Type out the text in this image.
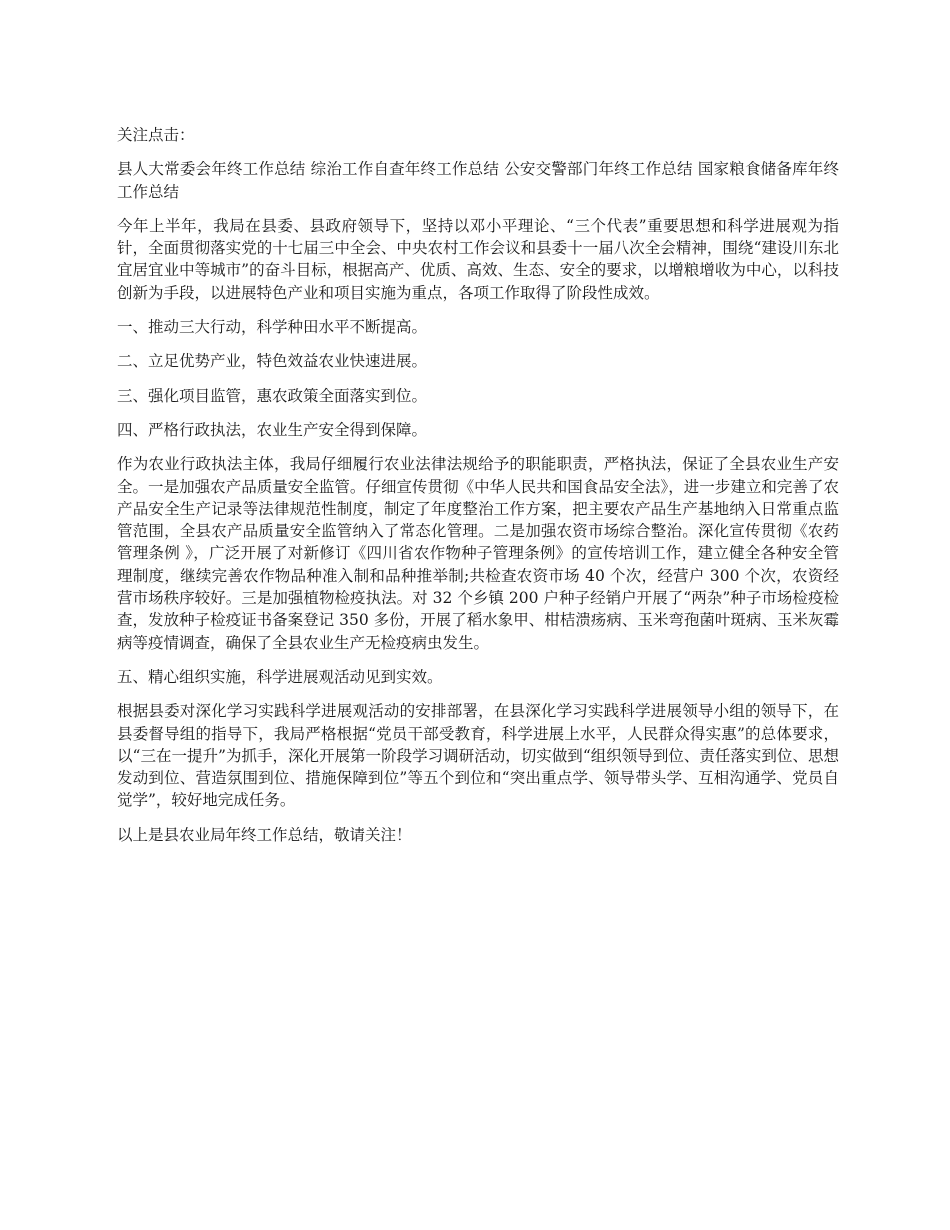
关注点击：

县人大常委会年终工作总结 综治工作自查年终工作总结 公安交警部门年终工作总结 国家粮食储备库年终工作总结

今年上半年，我局在县委、县政府领导下，坚持以邓小平理论、“三个代表”重要思想和科学进展观为指针，全面贯彻落实党的十七届三中全会、中央农村工作会议和县委十一届八次全会精神，围绕“建设川东北宜居宜业中等城市”的奋斗目标，根据高产、优质、高效、生态、安全的要求，以增粮增收为中心，以科技创新为手段，以进展特色产业和项目实施为重点，各项工作取得了阶段性成效。

一、推动三大行动，科学种田水平不断提高。

二、立足优势产业，特色效益农业快速进展。

三、强化项目监管，惠农政策全面落实到位。

四、严格行政执法，农业生产安全得到保障。

作为农业行政执法主体，我局仔细履行农业法律法规给予的职能职责，严格执法，保证了全县农业生产安全。一是加强农产品质量安全监管。仔细宣传贯彻《中华人民共和国食品安全法》，进一步建立和完善了农产品安全生产记录等法律规范性制度，制定了年度整治工作方案，把主要农产品生产基地纳入日常重点监管范围，全县农产品质量安全监管纳入了常态化管理。二是加强农资市场综合整治。深化宣传贯彻《农药管理条例 》，广泛开展了对新修订《四川省农作物种子管理条例》的宣传培训工作，建立健全各种安全管理制度，继续完善农作物品种准入制和品种推举制;共检查农资市场 40 个次，经营户 300 个次，农资经营市场秩序较好。三是加强植物检疫执法。对 32 个乡镇 200 户种子经销户开展了“两杂”种子市场检疫检查，发放种子检疫证书备案登记 350 多份，开展了稻水象甲、柑桔溃疡病、玉米弯孢菌叶斑病、玉米灰霉病等疫情调查，确保了全县农业生产无检疫病虫发生。

五、精心组织实施，科学进展观活动见到实效。

根据县委对深化学习实践科学进展观活动的安排部署，在县深化学习实践科学进展领导小组的领导下，在县委督导组的指导下，我局严格根据“党员干部受教育，科学进展上水平，人民群众得实惠”的总体要求，以“三在一提升”为抓手，深化开展第一阶段学习调研活动，切实做到“组织领导到位、责任落实到位、思想发动到位、营造氛围到位、措施保障到位”等五个到位和“突出重点学、领导带头学、互相沟通学、党员自觉学”，较好地完成任务。

以上是县农业局年终工作总结，敬请关注！
